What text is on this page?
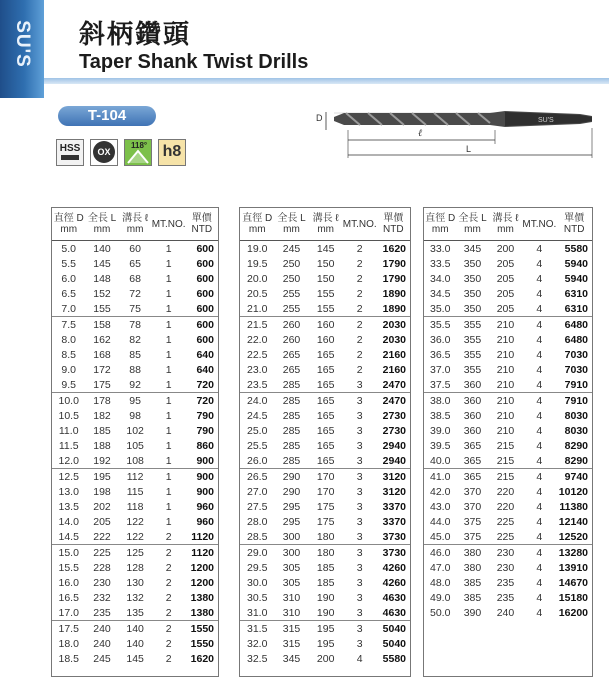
SU'S 斜柄鑽頭
Taper Shank Twist Drills
T-104
HSS	OX
118° h8
D	SU'S
ℓ
L
直徑 D
mm	全長 L
mm	溝長 ℓ
mm	MT.NO.	單價
NTD
5.0	140	60	1	600
5.5	145	65	1	600
6.0	148	68	1	600
6.5	152	72	1	600
7.0	155	75	1	600
7.5	158	78	1	600
8.0	162	82	1	600
8.5	168	85	1	640
9.0	172	88	1	640
9.5	175	92	1	720
10.0	178	95	1	720
10.5	182	98	1	790
11.0	185	102	1	790
11.5	188	105	1	860
12.0	192	108	1	900
12.5	195	112	1	900
13.0	198	115	1	900
13.5	202	118	1	960
14.0	205	122	1	960
14.5	222	122	2	1120
15.0	225	125	2	1120
15.5	228	128	2	1200
16.0	230	130	2	1200
16.5	232	132	2	1380
17.0	235	135	2	1380
17.5	240	140	2	1550
18.0	240	140	2	1550
18.5	245	145	2	1620
直徑 D
mm	全長 L
mm	溝長 ℓ
mm	MT.NO.	單價
NTD
19.0	245	145	2	1620
19.5	250	150	2	1790
20.0	250	150	2	1790
20.5	255	155	2	1890
21.0	255	155	2	1890
21.5	260	160	2	2030
22.0	260	160	2	2030
22.5	265	165	2	2160
23.0	265	165	2	2160
23.5	285	165	3	2470
24.0	285	165	3	2470
24.5	285	165	3	2730
25.0	285	165	3	2730
25.5	285	165	3	2940
26.0	285	165	3	2940
26.5	290	170	3	3120
27.0	290	170	3	3120
27.5	295	175	3	3370
28.0	295	175	3	3370
28.5	300	180	3	3730
29.0	300	180	3	3730
29.5	305	185	3	4260
30.0	305	185	3	4260
30.5	310	190	3	4630
31.0	310	190	3	4630
31.5	315	195	3	5040
32.0	315	195	3	5040
32.5	345	200	4	5580
直徑 D
mm	全長 L
mm	溝長 ℓ
mm	MT.NO.	單價
NTD
33.0	345	200	4	5580
33.5	350	205	4	5940
34.0	350	205	4	5940
34.5	350	205	4	6310
35.0	350	205	4	6310
35.5	355	210	4	6480
36.0	355	210	4	6480
36.5	355	210	4	7030
37.0	355	210	4	7030
37.5	360	210	4	7910
38.0	360	210	4	7910
38.5	360	210	4	8030
39.0	360	210	4	8030
39.5	365	215	4	8290
40.0	365	215	4	8290
41.0	365	215	4	9740
42.0	370	220	4	10120
43.0	370	220	4	11380
44.0	375	225	4	12140
45.0	375	225	4	12520
46.0	380	230	4	13280
47.0	380	230	4	13910
48.0	385	235	4	14670
49.0	385	235	4	15180
50.0	390	240	4	16200
